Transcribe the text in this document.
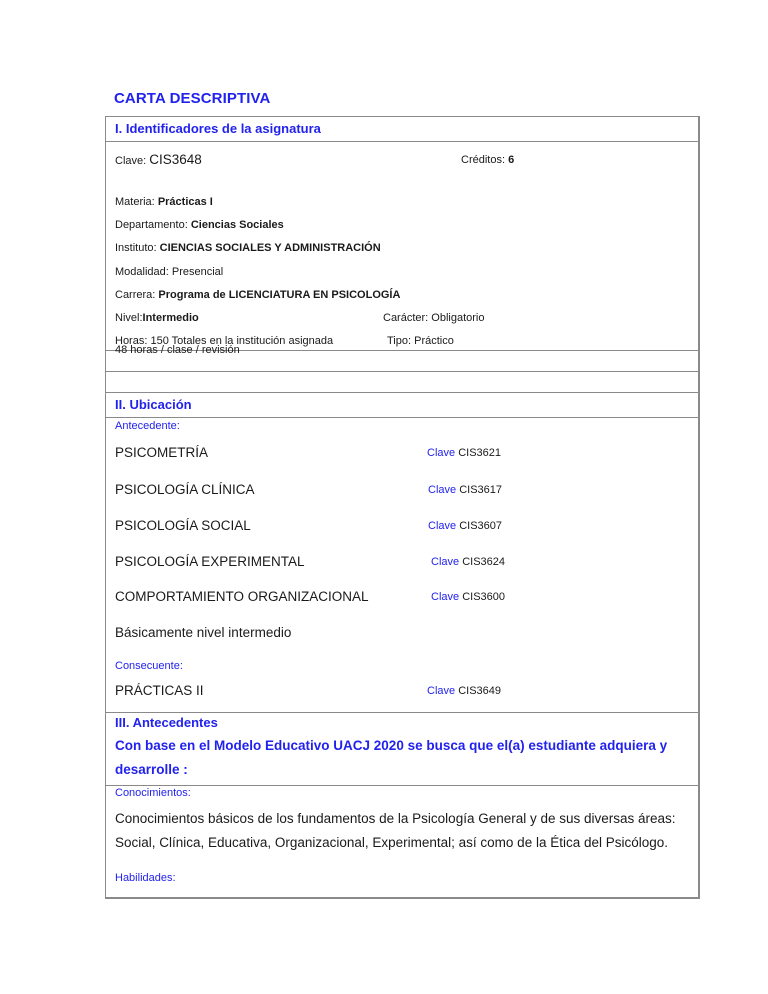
CARTA DESCRIPTIVA
I. Identificadores de la asignatura
Clave: CIS3648	Créditos: 6
Materia: Prácticas I
Departamento: Ciencias Sociales
Instituto: CIENCIAS SOCIALES Y ADMINISTRACIÓN
Modalidad: Presencial
Carrera: Programa de LICENCIATURA EN PSICOLOGÍA
Nivel:Intermedio	Carácter: Obligatorio
Horas: 150 Totales en la institución asignada	Tipo: Práctico
48 horas / clase / revisión
II. Ubicación
Antecedente:
PSICOMETRÍA	Clave CIS3621
PSICOLOGÍA CLÍNICA	Clave CIS3617
PSICOLOGÍA SOCIAL	Clave CIS3607
PSICOLOGÍA EXPERIMENTAL	Clave CIS3624
COMPORTAMIENTO ORGANIZACIONAL	Clave CIS3600
Básicamente nivel intermedio
Consecuente:
PRÁCTICAS II	Clave CIS3649
III. Antecedentes
Con base en el Modelo Educativo UACJ 2020 se busca que el(a) estudiante adquiera y
desarrolle :
Conocimientos:
Conocimientos básicos de los fundamentos de la Psicología General y de sus diversas áreas:
Social, Clínica, Educativa, Organizacional, Experimental; así como de la Ética del Psicólogo.
Habilidades:
